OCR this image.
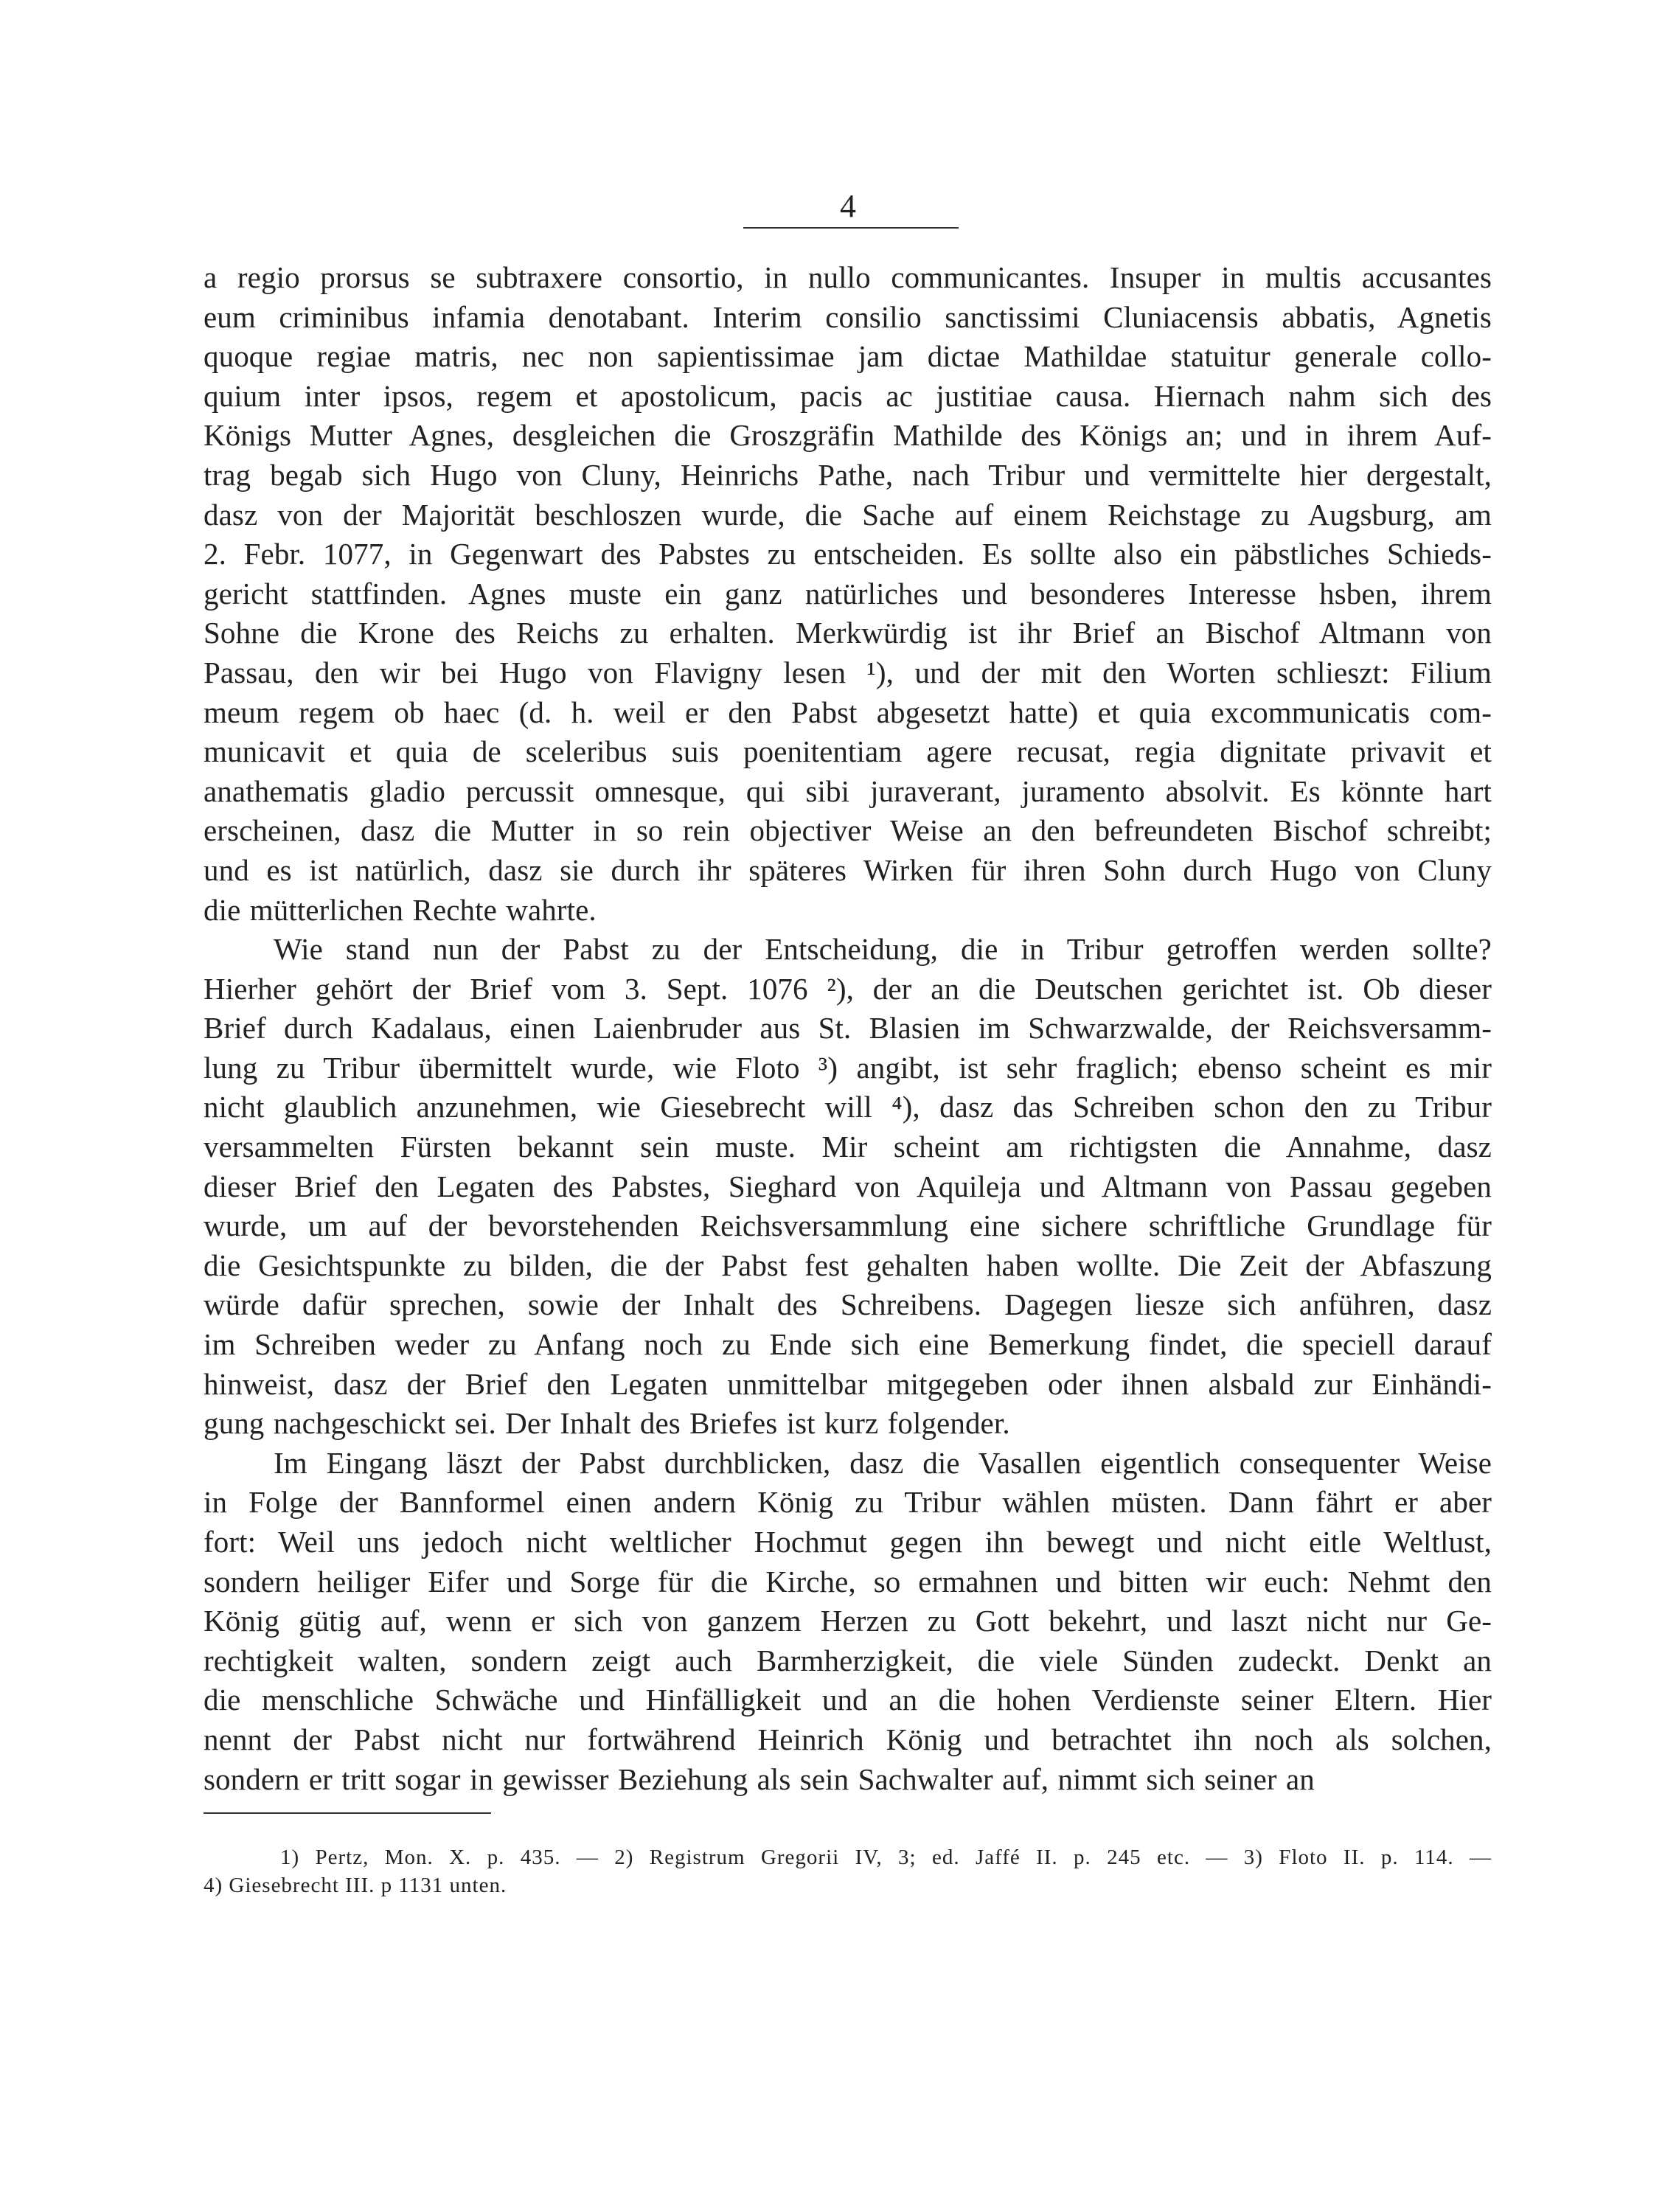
4

a regio prorsus se subtraxere consortio, in nullo communicantes. Insuper in multis accusantes
eum criminibus infamia denotabant. Interim consilio sanctissimi Cluniacensis abbatis, Agnetis
quoque regiae matris, nec non sapientissimae jam dictae Mathildae statuitur generale collo-
quium inter ipsos, regem et apostolicum, pacis ac justitiae causa. Hiernach nahm sich des
Königs Mutter Agnes, desgleichen die Groszgräfin Mathilde des Königs an; und in ihrem Auf-
trag begab sich Hugo von Cluny, Heinrichs Pathe, nach Tribur und vermittelte hier dergestalt,
dasz von der Majorität beschloszen wurde, die Sache auf einem Reichstage zu Augsburg, am
2. Febr. 1077, in Gegenwart des Pabstes zu entscheiden. Es sollte also ein päbstliches Schieds-
gericht stattfinden. Agnes muste ein ganz natürliches und besonderes Interesse hsben, ihrem
Sohne die Krone des Reichs zu erhalten. Merkwürdig ist ihr Brief an Bischof Altmann von
Passau, den wir bei Hugo von Flavigny lesen ¹), und der mit den Worten schlieszt: Filium
meum regem ob haec (d. h. weil er den Pabst abgesetzt hatte) et quia excommunicatis com-
municavit et quia de sceleribus suis poenitentiam agere recusat, regia dignitate privavit et
anathematis gladio percussit omnesque, qui sibi juraverant, juramento absolvit. Es könnte hart
erscheinen, dasz die Mutter in so rein objectiver Weise an den befreundeten Bischof schreibt;
und es ist natürlich, dasz sie durch ihr späteres Wirken für ihren Sohn durch Hugo von Cluny
die mütterlichen Rechte wahrte.

Wie stand nun der Pabst zu der Entscheidung, die in Tribur getroffen werden sollte?
Hierher gehört der Brief vom 3. Sept. 1076 ²), der an die Deutschen gerichtet ist. Ob dieser
Brief durch Kadalaus, einen Laienbruder aus St. Blasien im Schwarzwalde, der Reichsversamm-
lung zu Tribur übermittelt wurde, wie Floto ³) angibt, ist sehr fraglich; ebenso scheint es mir
nicht glaublich anzunehmen, wie Giesebrecht will ⁴), dasz das Schreiben schon den zu Tribur
versammelten Fürsten bekannt sein muste. Mir scheint am richtigsten die Annahme, dasz
dieser Brief den Legaten des Pabstes, Sieghard von Aquileja und Altmann von Passau gegeben
wurde, um auf der bevorstehenden Reichsversammlung eine sichere schriftliche Grundlage für
die Gesichtspunkte zu bilden, die der Pabst fest gehalten haben wollte. Die Zeit der Abfaszung
würde dafür sprechen, sowie der Inhalt des Schreibens. Dagegen liesze sich anführen, dasz
im Schreiben weder zu Anfang noch zu Ende sich eine Bemerkung findet, die speciell darauf
hinweist, dasz der Brief den Legaten unmittelbar mitgegeben oder ihnen alsbald zur Einhändi-
gung nachgeschickt sei. Der Inhalt des Briefes ist kurz folgender.

Im Eingang läszt der Pabst durchblicken, dasz die Vasallen eigentlich consequenter Weise
in Folge der Bannformel einen andern König zu Tribur wählen müsten. Dann fährt er aber
fort: Weil uns jedoch nicht weltlicher Hochmut gegen ihn bewegt und nicht eitle Weltlust,
sondern heiliger Eifer und Sorge für die Kirche, so ermahnen und bitten wir euch: Nehmt den
König gütig auf, wenn er sich von ganzem Herzen zu Gott bekehrt, und laszt nicht nur Ge-
rechtigkeit walten, sondern zeigt auch Barmherzigkeit, die viele Sünden zudeckt. Denkt an
die menschliche Schwäche und Hinfälligkeit und an die hohen Verdienste seiner Eltern. Hier
nennt der Pabst nicht nur fortwährend Heinrich König und betrachtet ihn noch als solchen,
sondern er tritt sogar in gewisser Beziehung als sein Sachwalter auf, nimmt sich seiner an

1) Pertz, Mon. X. p. 435. — 2) Registrum Gregorii IV, 3; ed. Jaffé II. p. 245 etc. — 3) Floto II. p. 114. —
4) Giesebrecht III. p 1131 unten.
